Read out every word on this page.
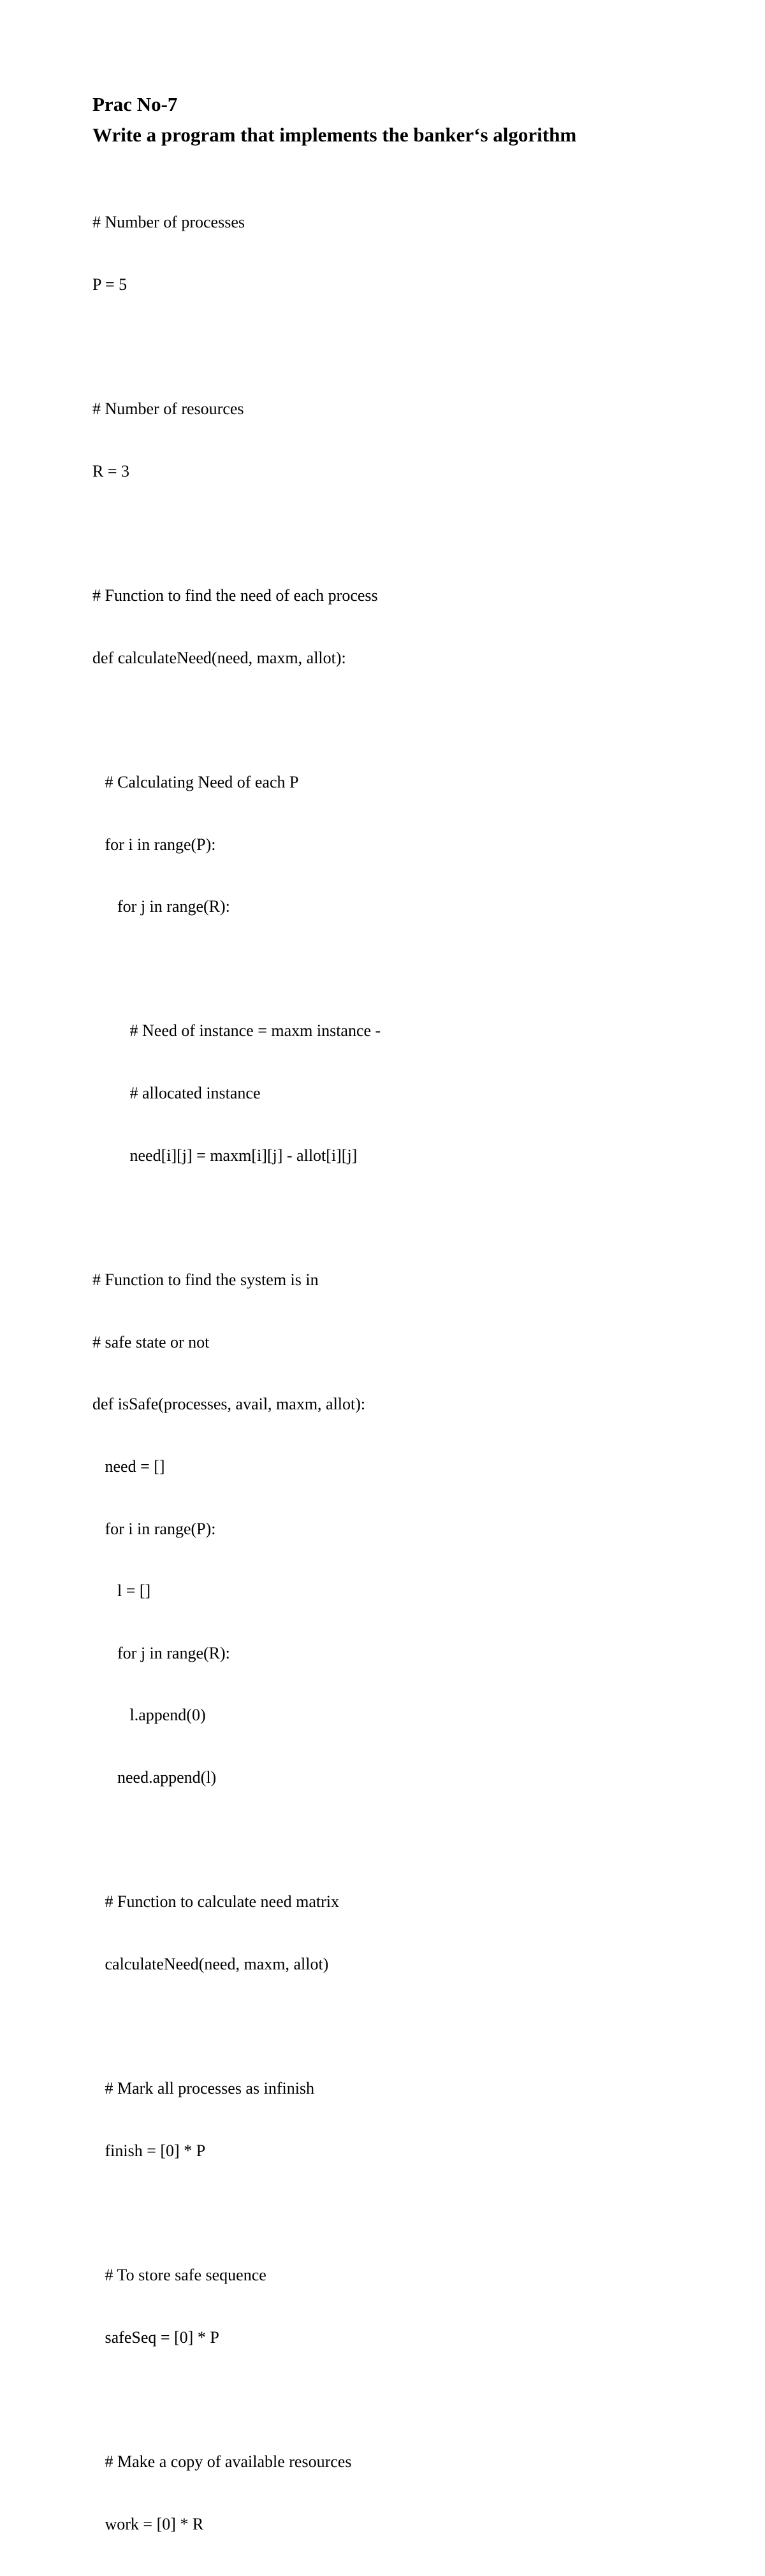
Prac No-7
Write a program that implements the banker‘s algorithm

# Number of processes

P = 5

# Number of resources

R = 3

# Function to find the need of each process

def calculateNeed(need, maxm, allot):

# Calculating Need of each P

for i in range(P):

for j in range(R):

# Need of instance = maxm instance -

# allocated instance

need[i][j] = maxm[i][j] - allot[i][j]

# Function to find the system is in

# safe state or not

def isSafe(processes, avail, maxm, allot):

need = []

for i in range(P):

l = []

for j in range(R):

l.append(0)

need.append(l)

# Function to calculate need matrix

calculateNeed(need, maxm, allot)

# Mark all processes as infinish

finish = [0] * P

# To store safe sequence

safeSeq = [0] * P

# Make a copy of available resources

work = [0] * R
